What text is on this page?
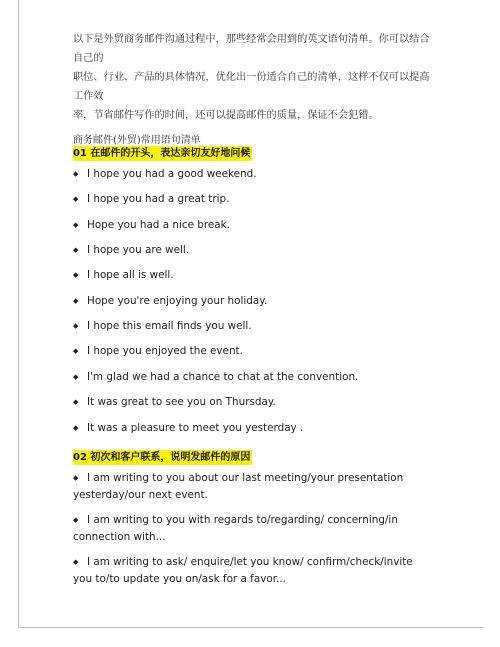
以下是外贸商务邮件沟通过程中，那些经常会用到的英文语句清单。你可以结合自己的
职位、行业、产品的具体情况，优化出一份适合自己的清单，这样不仅可以提高工作效
率，节省邮件写作的时间，还可以提高邮件的质量，保证不会犯错。

商务邮件(外贸)常用语句清单

01 在邮件的开头，表达亲切友好地问候

◆ I hope you had a good weekend.
◆ I hope you had a great trip.
◆ Hope you had a nice break.
◆ I hope you are well.
◆ I hope all is well.
◆ Hope you're enjoying your holiday.
◆ I hope this email finds you well.
◆ I hope you enjoyed the event.
◆ I'm glad we had a chance to chat at the convention.
◆ It was great to see you on Thursday.
◆ It was a pleasure to meet you yesterday .

02 初次和客户联系，说明发邮件的原因

◆ I am writing to you about our last meeting/your presentation yesterday/our next event.
◆ I am writing to you with regards to/regarding/ concerning/in connection with...
◆ I am writing to ask/ enquire/let you know/ confirm/check/invite you to/to update you on/ask for a favor...
